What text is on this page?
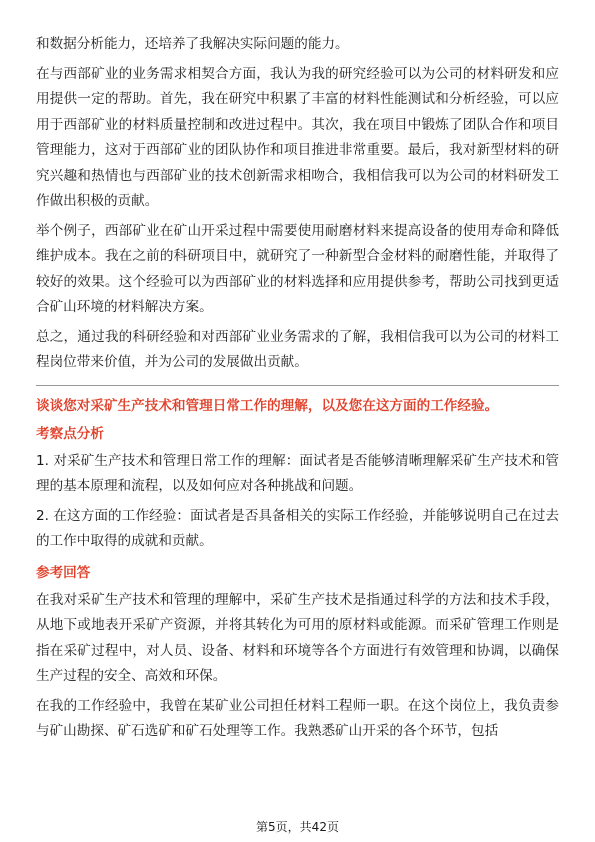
和数据分析能力，还培养了我解决实际问题的能力。

在与西部矿业的业务需求相契合方面，我认为我的研究经验可以为公司的材料研发和应用提供一定的帮助。首先，我在研究中积累了丰富的材料性能测试和分析经验，可以应用于西部矿业的材料质量控制和改进过程中。其次，我在项目中锻炼了团队合作和项目管理能力，这对于西部矿业的团队协作和项目推进非常重要。最后，我对新型材料的研究兴趣和热情也与西部矿业的技术创新需求相吻合，我相信我可以为公司的材料研发工作做出积极的贡献。

举个例子，西部矿业在矿山开采过程中需要使用耐磨材料来提高设备的使用寿命和降低维护成本。我在之前的科研项目中，就研究了一种新型合金材料的耐磨性能，并取得了较好的效果。这个经验可以为西部矿业的材料选择和应用提供参考，帮助公司找到更适合矿山环境的材料解决方案。

总之，通过我的科研经验和对西部矿业业务需求的了解，我相信我可以为公司的材料工程岗位带来价值，并为公司的发展做出贡献。

谈谈您对采矿生产技术和管理日常工作的理解，以及您在这方面的工作经验。
考察点分析

1. 对采矿生产技术和管理日常工作的理解：面试者是否能够清晰理解采矿生产技术和管理的基本原理和流程，以及如何应对各种挑战和问题。

2. 在这方面的工作经验：面试者是否具备相关的实际工作经验，并能够说明自己在过去的工作中取得的成就和贡献。

参考回答

在我对采矿生产技术和管理的理解中，采矿生产技术是指通过科学的方法和技术手段，从地下或地表开采矿产资源，并将其转化为可用的原材料或能源。而采矿管理工作则是指在采矿过程中，对人员、设备、材料和环境等各个方面进行有效管理和协调，以确保生产过程的安全、高效和环保。

在我的工作经验中，我曾在某矿业公司担任材料工程师一职。在这个岗位上，我负责参与矿山勘探、矿石选矿和矿石处理等工作。我熟悉矿山开采的各个环节，包括

第5页，共42页
